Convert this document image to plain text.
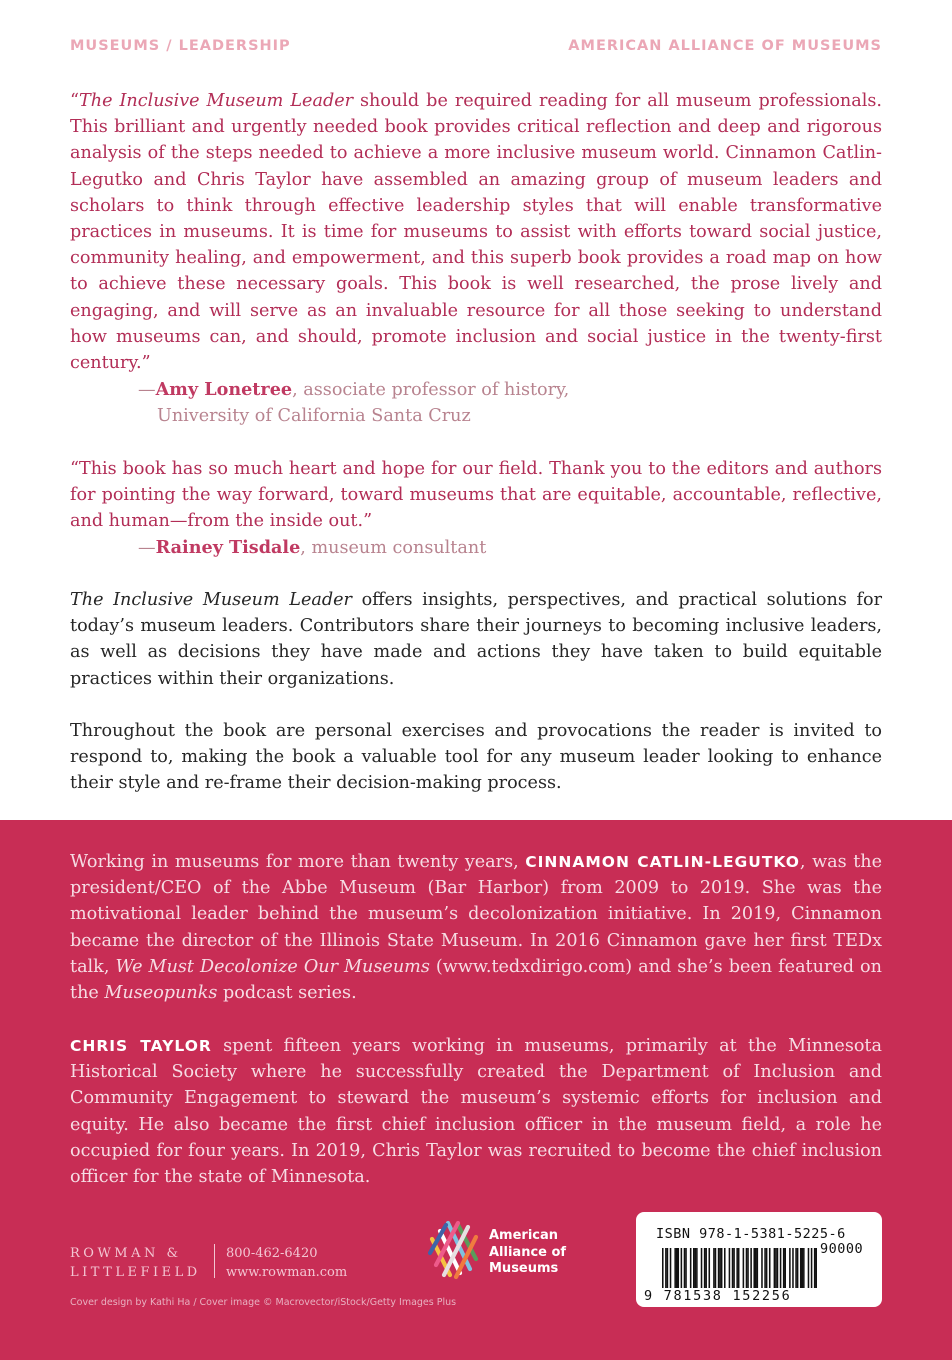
MUSEUMS / LEADERSHIP	AMERICAN ALLIANCE OF MUSEUMS

“The Inclusive Museum Leader should be required reading for all museum professionals. This brilliant and urgently needed book provides critical reflection and deep and rigorous analysis of the steps needed to achieve a more inclusive museum world. Cinnamon Catlin-Legutko and Chris Taylor have assembled an amazing group of museum leaders and scholars to think through effective leadership styles that will enable transformative practices in museums. It is time for museums to assist with efforts toward social justice, community healing, and empowerment, and this superb book provides a road map on how to achieve these necessary goals. This book is well researched, the prose lively and engaging, and will serve as an invaluable resource for all those seeking to understand how museums can, and should, promote inclusion and social justice in the twenty-first century.”

—Amy Lonetree, associate professor of history,
University of California Santa Cruz

“This book has so much heart and hope for our field. Thank you to the editors and authors for pointing the way forward, toward museums that are equitable, accountable, reflective, and human—from the inside out.”

—Rainey Tisdale, museum consultant

The Inclusive Museum Leader offers insights, perspectives, and practical solutions for today’s museum leaders. Contributors share their journeys to becoming inclusive leaders, as well as decisions they have made and actions they have taken to build equitable practices within their organizations.

Throughout the book are personal exercises and provocations the reader is invited to respond to, making the book a valuable tool for any museum leader looking to enhance their style and re-frame their decision-making process.

Working in museums for more than twenty years, CINNAMON CATLIN-LEGUTKO, was the president/CEO of the Abbe Museum (Bar Harbor) from 2009 to 2019. She was the motivational leader behind the museum’s decolonization initiative. In 2019, Cinnamon became the director of the Illinois State Museum. In 2016 Cinnamon gave her first TEDx talk, We Must Decolonize Our Museums (www.tedxdirigo.com) and she’s been featured on the Museopunks podcast series.

CHRIS TAYLOR spent fifteen years working in museums, primarily at the Minnesota Historical Society where he successfully created the Department of Inclusion and Community Engagement to steward the museum’s systemic efforts for inclusion and equity. He also became the first chief inclusion officer in the museum field, a role he occupied for four years. In 2019, Chris Taylor was recruited to become the chief inclusion officer for the state of Minnesota.

ROWMAN &
LITTLEFIELD
800-462-6420
www.rowman.com
Cover design by Kathi Ha / Cover image © Macrovector/iStock/Getty Images Plus
American
Alliance of
Museums
ISBN 978-1-5381-5225-6
90000
9 781538 152256
